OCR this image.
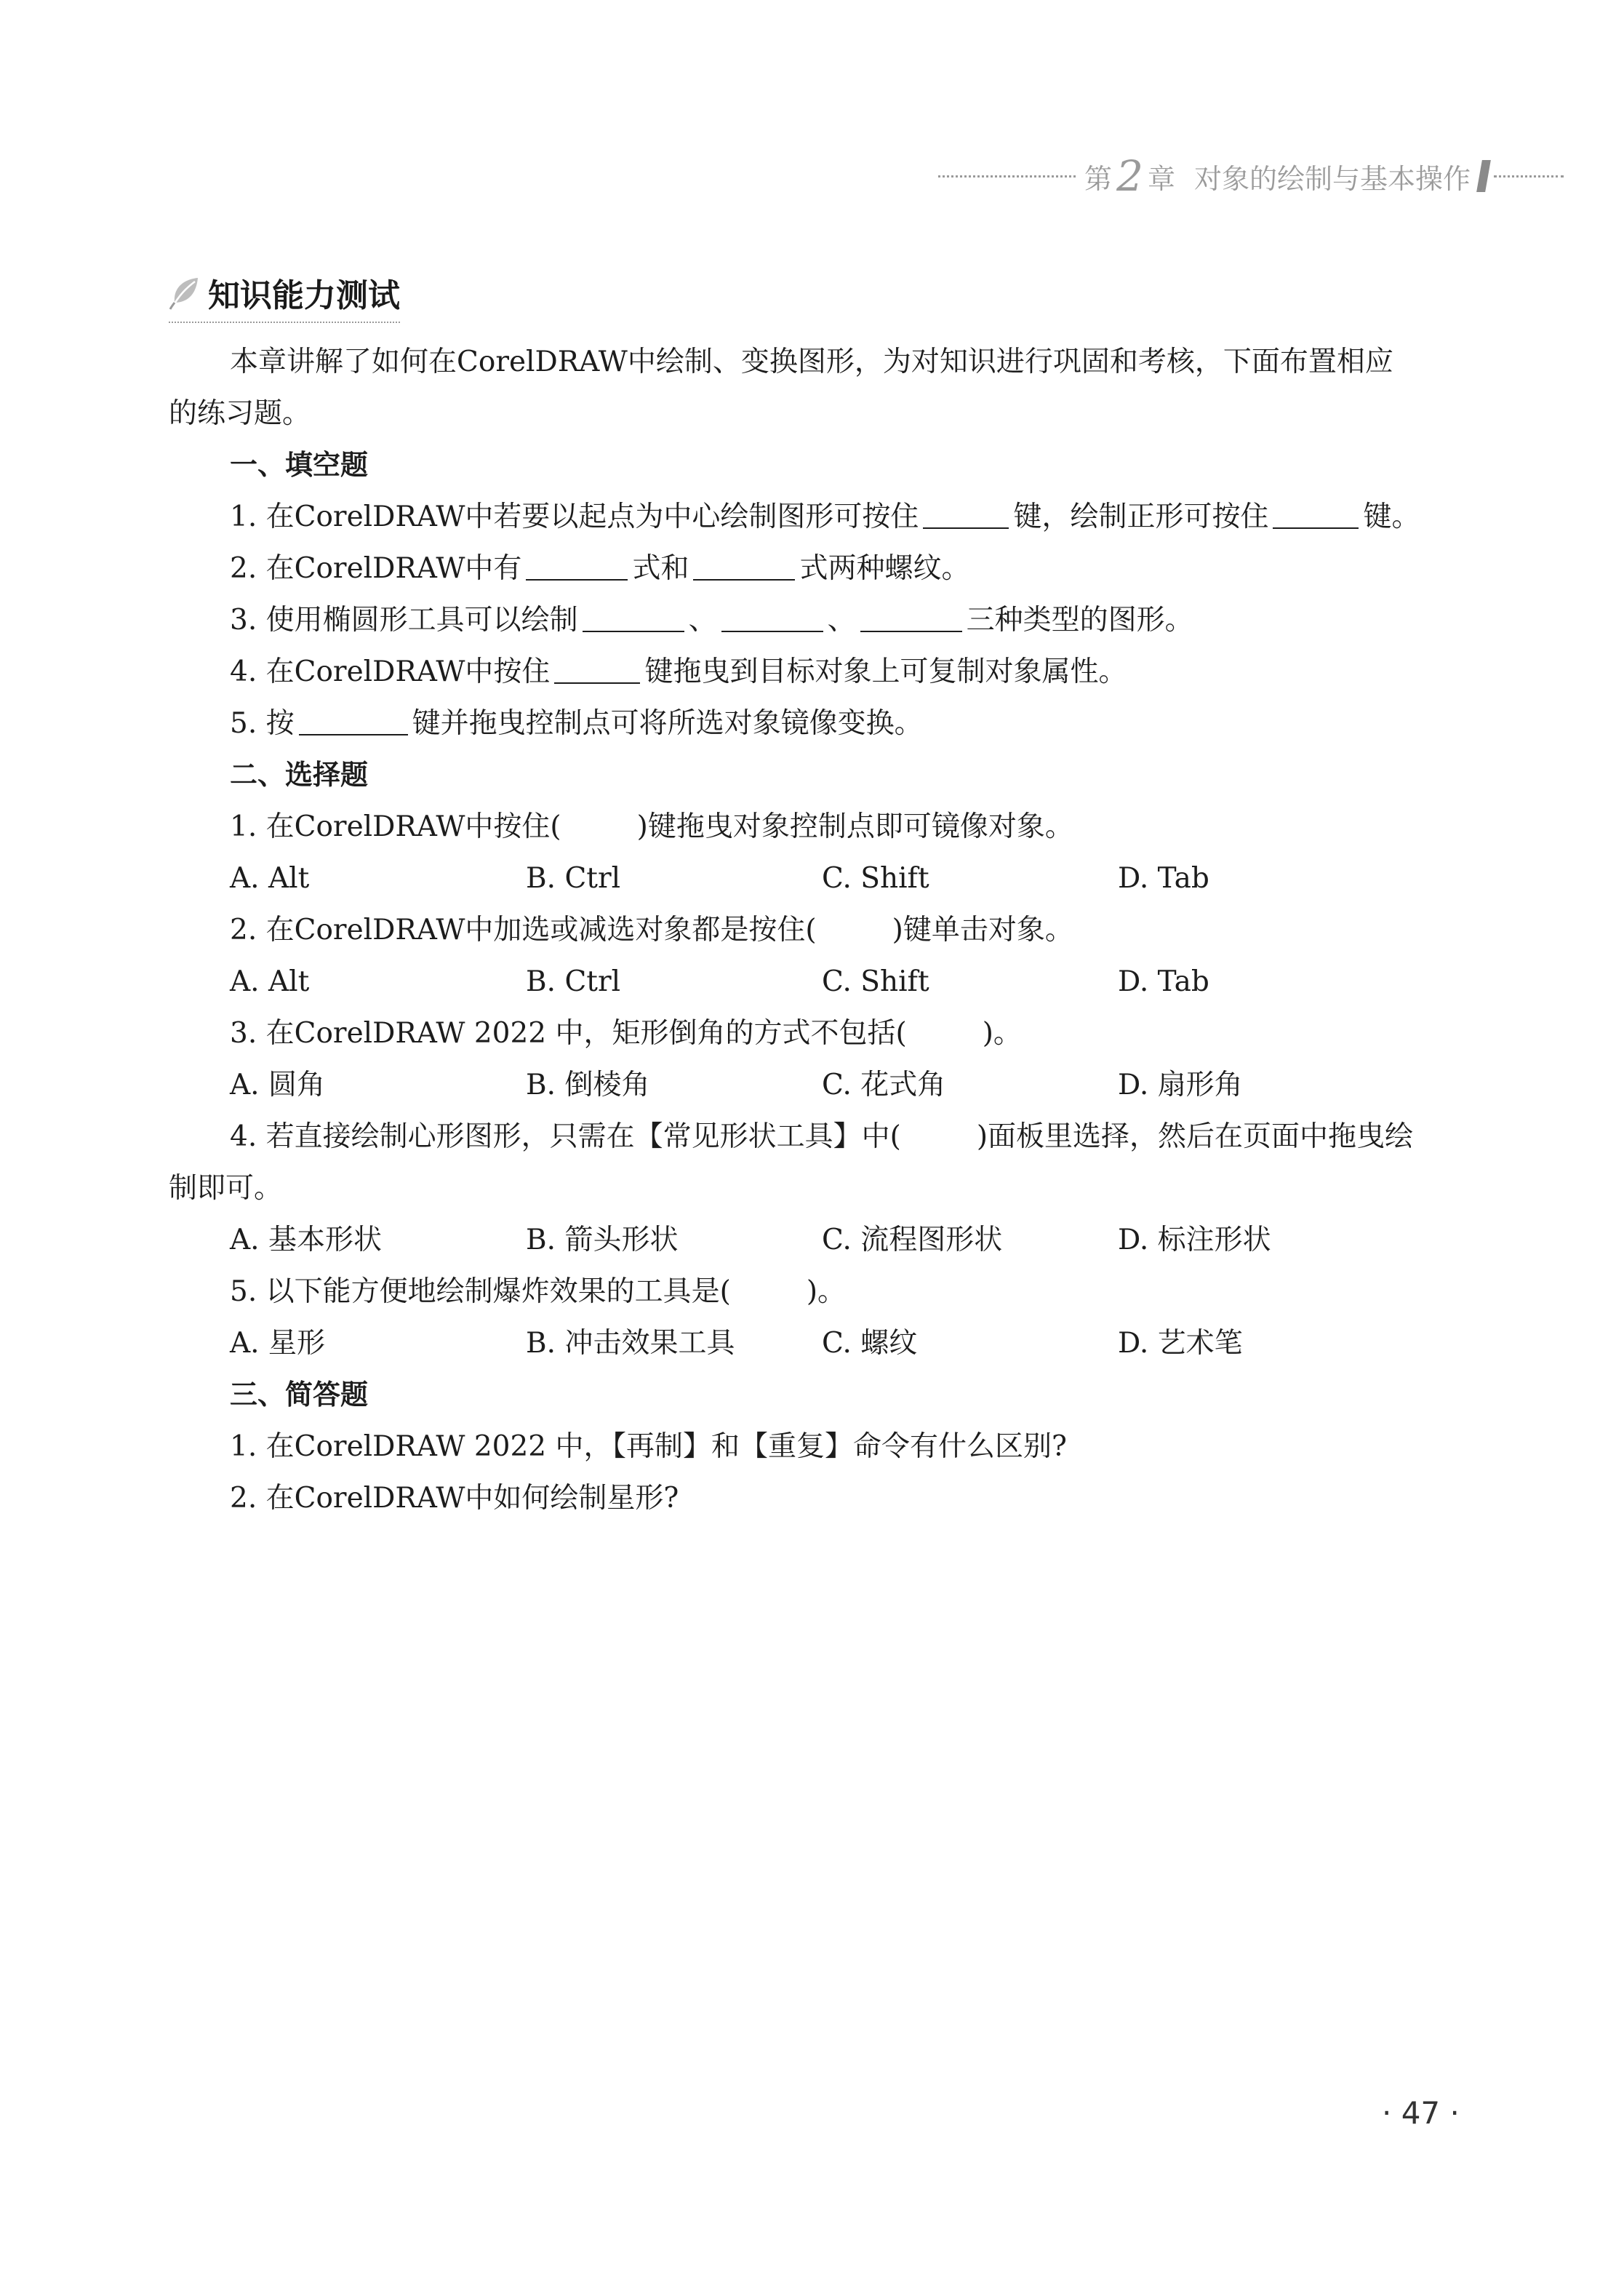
第 2 章 对象的绘制与基本操作
知识能力测试
本章讲解了如何在CorelDRAW中绘制、变换图形，为对知识进行巩固和考核，下面布置相应
的练习题。
一、填空题
1. 在CorelDRAW中若要以起点为中心绘制图形可按住	键，绘制正形可按住	键。
2. 在CorelDRAW中有	式和	式两种螺纹。
3. 使用椭圆形工具可以绘制	、	、	三种类型的图形。
4. 在CorelDRAW中按住	键拖曳到目标对象上可复制对象属性。
5. 按	键并拖曳控制点可将所选对象镜像变换。
二、选择题
1. 在CorelDRAW中按住(	)键拖曳对象控制点即可镜像对象。
A. Alt	B. Ctrl	C. Shift	D. Tab
2. 在CorelDRAW中加选或减选对象都是按住(	)键单击对象。
A. Alt	B. Ctrl	C. Shift	D. Tab
3. 在CorelDRAW 2022 中，矩形倒角的方式不包括(	)。
A. 圆角	B. 倒棱角	C. 花式角	D. 扇形角
4. 若直接绘制心形图形，只需在【常见形状工具】中(	)面板里选择，然后在页面中拖曳绘
制即可。
A. 基本形状	B. 箭头形状	C. 流程图形状	D. 标注形状
5. 以下能方便地绘制爆炸效果的工具是(	)。
A. 星形	B. 冲击效果工具	C. 螺纹	D. 艺术笔
三、简答题
1. 在CorelDRAW 2022 中，【再制】和【重复】命令有什么区别?
2. 在CorelDRAW中如何绘制星形?
· 47 ·
